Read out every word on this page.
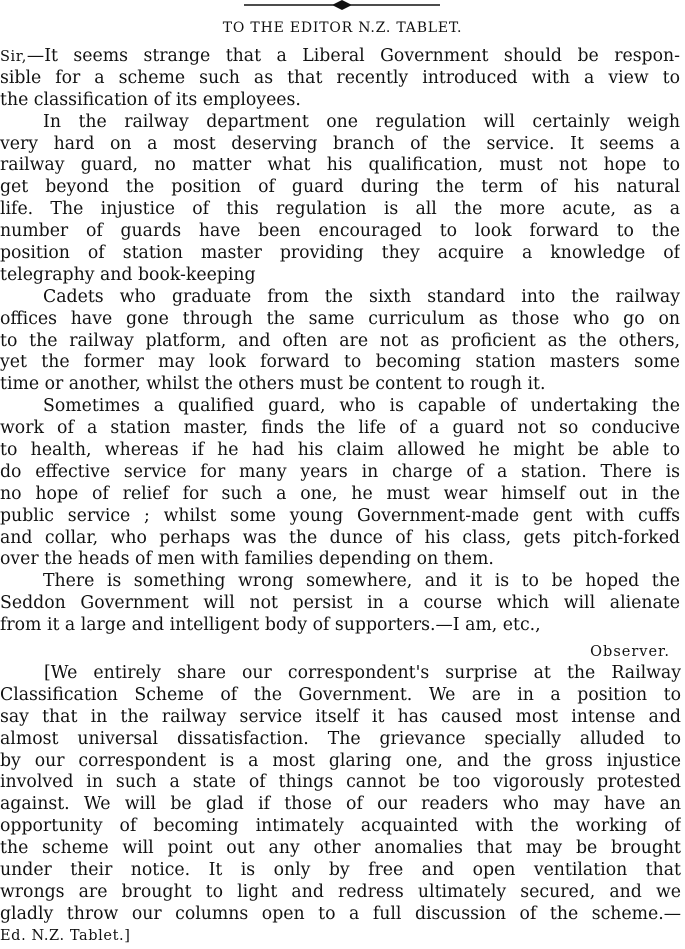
TO THE EDITOR N.Z. TABLET.
Sir,—It seems strange that a Liberal Government should be respon-
sible for a scheme such as that recently introduced with a view to
the classification of its employees.
In the railway department one regulation will certainly weigh
very hard on a most deserving branch of the service. It seems a
railway guard, no matter what his qualification, must not hope to
get beyond the position of guard during the term of his natural
life. The injustice of this regulation is all the more acute, as a
number of guards have been encouraged to look forward to the
position of station master providing they acquire a knowledge of
telegraphy and book-keeping
Cadets who graduate from the sixth standard into the railway
offices have gone through the same curriculum as those who go on
to the railway platform, and often are not as proficient as the others,
yet the former may look forward to becoming station masters some
time or another, whilst the others must be content to rough it.
Sometimes a qualified guard, who is capable of undertaking the
work of a station master, finds the life of a guard not so conducive
to health, whereas if he had his claim allowed he might be able to
do effective service for many years in charge of a station. There is
no hope of relief for such a one, he must wear himself out in the
public service ; whilst some young Government-made gent with cuffs
and collar, who perhaps was the dunce of his class, gets pitch-forked
over the heads of men with families depending on them.
There is something wrong somewhere, and it is to be hoped the
Seddon Government will not persist in a course which will alienate
from it a large and intelligent body of supporters.—I am, etc.,
Observer.
[We entirely share our correspondent's surprise at the Railway
Classification Scheme of the Government. We are in a position to
say that in the railway service itself it has caused most intense and
almost universal dissatisfaction. The grievance specially alluded to
by our correspondent is a most glaring one, and the gross injustice
involved in such a state of things cannot be too vigorously protested
against. We will be glad if those of our readers who may have an
opportunity of becoming intimately acquainted with the working of
the scheme will point out any other anomalies that may be brought
under their notice. It is only by free and open ventilation that
wrongs are brought to light and redress ultimately secured, and we
gladly throw our columns open to a full discussion of the scheme.—
Ed. N.Z. Tablet.]
